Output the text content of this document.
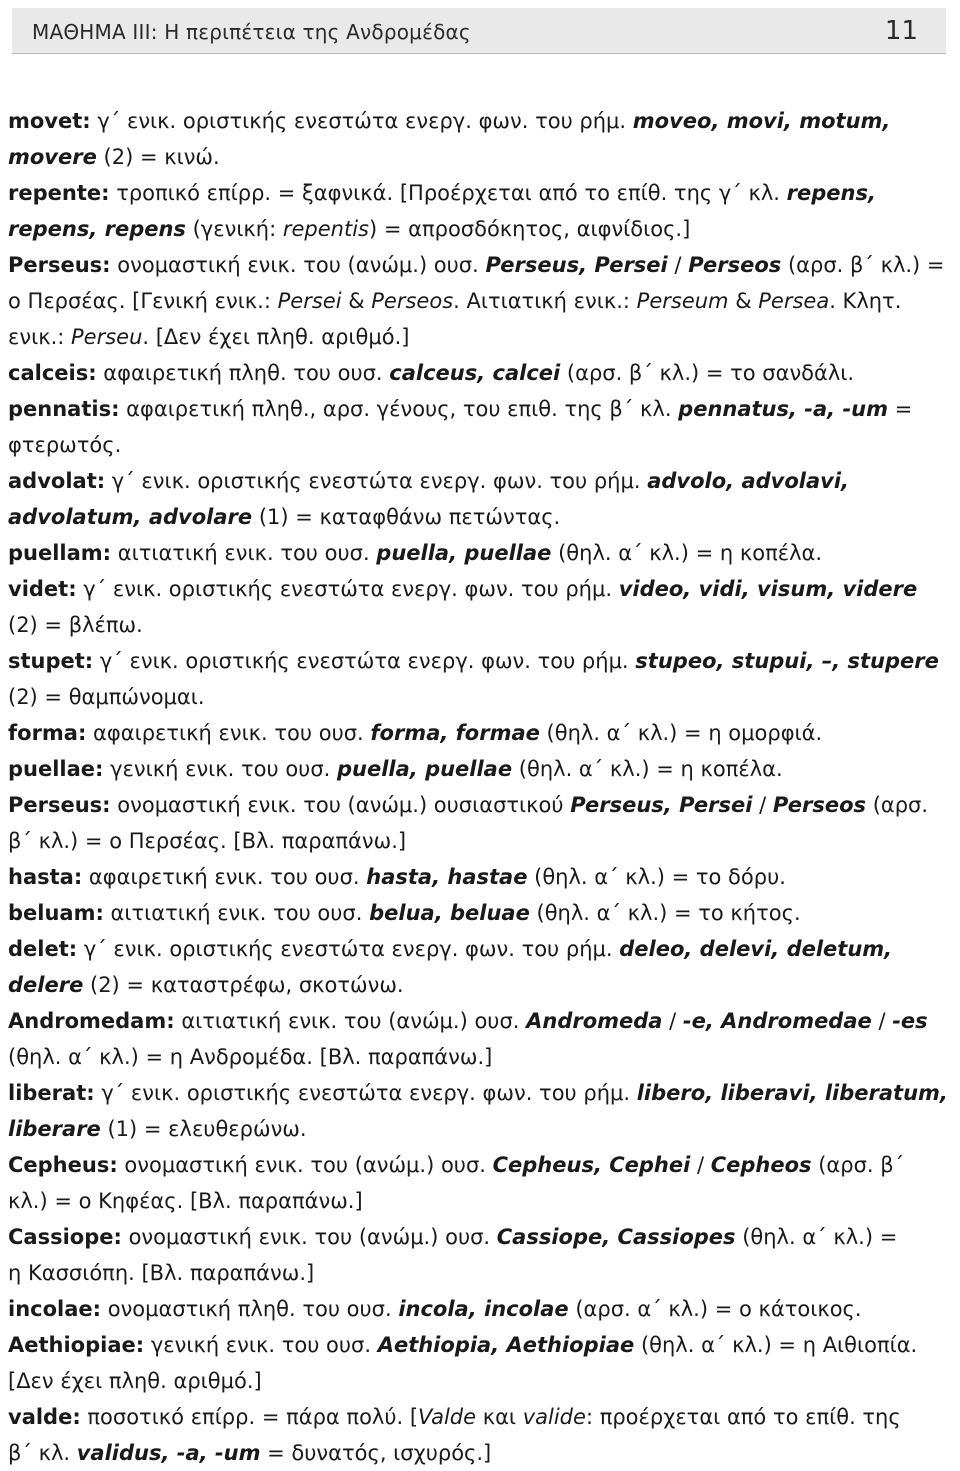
ΜΑΘΗΜΑ ΙΙΙ: Η περιπέτεια της Ανδρομέδας	11
movet: γ΄ ενικ. οριστικής ενεστώτα ενεργ. φων. του ρήμ. moveo, movi, motum,
movere (2) = κινώ.
repente: τροπικό επίρρ. = ξαφνικά. [Προέρχεται από το επίθ. της γ΄ κλ. repens,
repens, repens (γενική: repentis) = απροσδόκητος, αιφνίδιος.]
Perseus: ονομαστική ενικ. του (ανώμ.) ουσ. Perseus, Persei / Perseos (αρσ. β΄ κλ.) =
ο Περσέας. [Γενική ενικ.: Persei & Perseos. Αιτιατική ενικ.: Perseum & Persea. Κλητ.
ενικ.: Perseu. [Δεν έχει πληθ. αριθμό.]
calceis: αφαιρετική πληθ. του ουσ. calceus, calcei (αρσ. β΄ κλ.) = το σανδάλι.
pennatis: αφαιρετική πληθ., αρσ. γένους, του επιθ. της β΄ κλ. pennatus, -a, -um =
φτερωτός.
advolat: γ΄ ενικ. οριστικής ενεστώτα ενεργ. φων. του ρήμ. advolo, advolavi,
advolatum, advolare (1) = καταφθάνω πετώντας.
puellam: αιτιατική ενικ. του ουσ. puella, puellae (θηλ. α΄ κλ.) = η κοπέλα.
videt: γ΄ ενικ. οριστικής ενεστώτα ενεργ. φων. του ρήμ. video, vidi, visum, videre
(2) = βλέπω.
stupet: γ΄ ενικ. οριστικής ενεστώτα ενεργ. φων. του ρήμ. stupeo, stupui, –, stupere
(2) = θαμπώνομαι.
forma: αφαιρετική ενικ. του ουσ. forma, formae (θηλ. α΄ κλ.) = η ομορφιά.
puellae: γενική ενικ. του ουσ. puella, puellae (θηλ. α΄ κλ.) = η κοπέλα.
Perseus: ονομαστική ενικ. του (ανώμ.) ουσιαστικού Perseus, Persei / Perseos (αρσ.
β΄ κλ.) = ο Περσέας. [Βλ. παραπάνω.]
hasta: αφαιρετική ενικ. του ουσ. hasta, hastae (θηλ. α΄ κλ.) = το δόρυ.
beluam: αιτιατική ενικ. του ουσ. belua, beluae (θηλ. α΄ κλ.) = το κήτος.
delet: γ΄ ενικ. οριστικής ενεστώτα ενεργ. φων. του ρήμ. deleo, delevi, deletum,
delere (2) = καταστρέφω, σκοτώνω.
Andromedam: αιτιατική ενικ. του (ανώμ.) ουσ. Andromeda / -e, Andromedae / -es
(θηλ. α΄ κλ.) = η Ανδρομέδα. [Βλ. παραπάνω.]
liberat: γ΄ ενικ. οριστικής ενεστώτα ενεργ. φων. του ρήμ. libero, liberavi, liberatum,
liberare (1) = ελευθερώνω.
Cepheus: ονομαστική ενικ. του (ανώμ.) ουσ. Cepheus, Cephei / Cepheos (αρσ. β΄
κλ.) = ο Κηφέας. [Βλ. παραπάνω.]
Cassiope: ονομαστική ενικ. του (ανώμ.) ουσ. Cassiope, Cassiopes (θηλ. α΄ κλ.) =
η Κασσιόπη. [Βλ. παραπάνω.]
incolae: ονομαστική πληθ. του ουσ. incola, incolae (αρσ. α΄ κλ.) = ο κάτοικος.
Aethiopiae: γενική ενικ. του ουσ. Aethiopia, Aethiopiae (θηλ. α΄ κλ.) = η Αιθιοπία.
[Δεν έχει πληθ. αριθμό.]
valde: ποσοτικό επίρρ. = πάρα πολύ. [Valde και valide: προέρχεται από το επίθ. της
β΄ κλ. validus, -a, -um = δυνατός, ισχυρός.]
